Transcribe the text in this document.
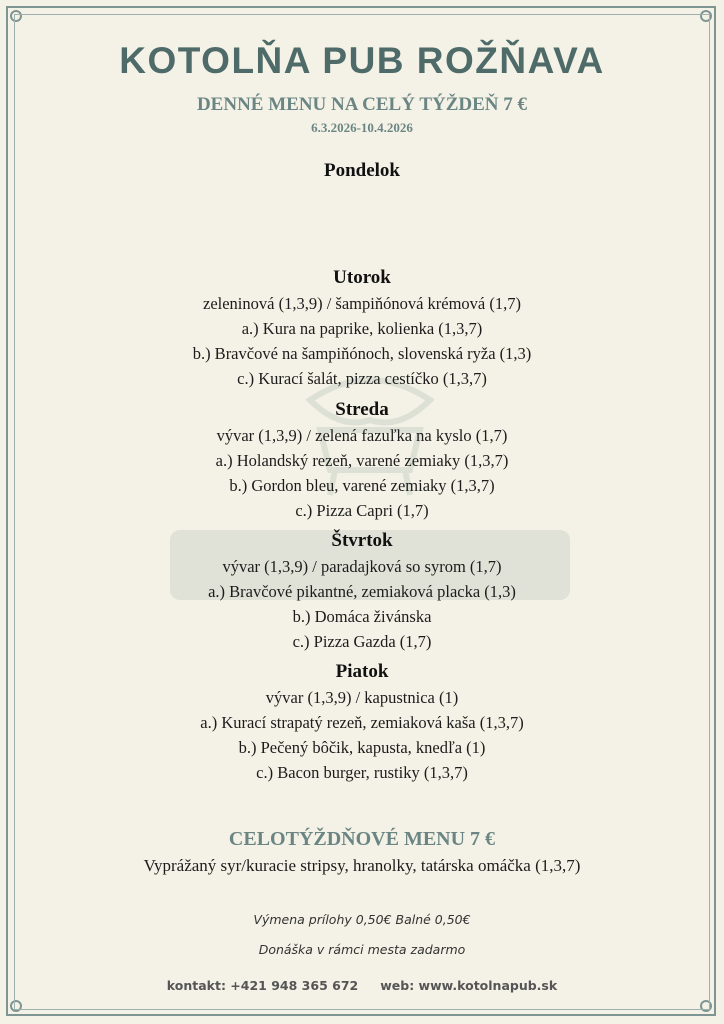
KOTOLŇA PUB ROŽŇAVA
DENNÉ MENU NA CELÝ TÝŽDEŇ 7 €
6.3.2026-10.4.2026
Pondelok
Utorok
zeleninová (1,3,9) / šampiňónová krémová (1,7)
a.) Kura na paprike, kolienka (1,3,7)
b.) Bravčové na šampiňónoch, slovenská ryža (1,3)
c.) Kurací šalát, pizza cestíčko (1,3,7)
Streda
vývar (1,3,9) / zelená fazuľka na kyslo (1,7)
a.) Holandský rezeň, varené zemiaky (1,3,7)
b.) Gordon bleu, varené zemiaky (1,3,7)
c.) Pizza Capri (1,7)
Štvrtok
vývar (1,3,9) / paradajková so syrom (1,7)
a.) Bravčové pikantné, zemiaková placka (1,3)
b.) Domáca živánska
c.) Pizza Gazda (1,7)
Piatok
vývar (1,3,9) / kapustnica (1)
a.) Kurací strapatý rezeň, zemiaková kaša (1,3,7)
b.) Pečený bôčik, kapusta, knedľa (1)
c.) Bacon burger, rustiky (1,3,7)
CELOTÝŽDŇOVÉ MENU 7 €
Vyprážaný syr/kuracie stripsy, hranolky, tatárska omáčka (1,3,7)
Výmena prílohy 0,50€ Balné 0,50€
Donáška v rámci mesta zadarmo
kontakt: +421 948 365 672 web: www.kotolnapub.sk
